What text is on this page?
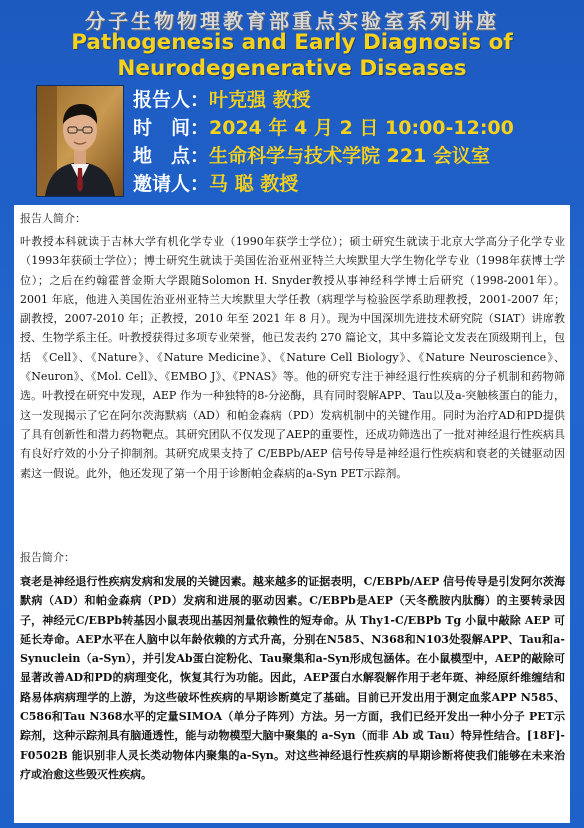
分子生物物理教育部重点实验室系列讲座
Pathogenesis and Early Diagnosis of
Neurodegenerative Diseases
报告人：叶克强 教授
时　间：2024 年 4 月 2 日 10:00-12:00
地　点：生命科学与技术学院 221 会议室
邀请人：马 聪 教授
报告人简介：

叶教授本科就读于吉林大学有机化学专业（1990年获学士学位）；硕士研究生就读于北京大学高分子化学专业（1993年获硕士学位）；博士研究生就读于美国佐治亚州亚特兰大埃默里大学生物化学专业（1998年获博士学位）；之后在约翰霍普金斯大学跟随Solomon H. Snyder教授从事神经科学博士后研究（1998-2001年）。2001 年底，他进入美国佐治亚州亚特兰大埃默里大学任教（病理学与检验医学系助理教授，2001-2007 年；副教授，2007-2010 年；正教授，2010 年至 2021 年 8 月）。现为中国深圳先进技术研究院（SIAT）讲席教授、生物学系主任。叶教授获得过多项专业荣誉，他已发表约 270 篇论文，其中多篇论文发表在顶级期刊上，包括 《Cell》、《Nature》、《Nature Medicine》、《Nature Cell Biology》、《Nature Neuroscience》、《Neuron》、《Mol. Cell》、《EMBO J》、《PNAS》等。他的研究专注于神经退行性疾病的分子机制和药物筛选。叶教授在研究中发现，AEP 作为一种独特的8-分泌酶，具有同时裂解APP、Tau以及a-突触核蛋白的能力，这一发现揭示了它在阿尔茨海默病（AD）和帕金森病（PD）发病机制中的关键作用。同时为治疗AD和PD提供了具有创新性和潜力药物靶点。其研究团队不仅发现了AEP的重要性，还成功筛选出了一批对神经退行性疾病具有良好疗效的小分子抑制剂。其研究成果支持了 C/EBPb/AEP 信号传导是神经退行性疾病和衰老的关键驱动因素这一假说。此外，他还发现了第一个用于诊断帕金森病的a-Syn PET示踪剂。

报告简介：

衰老是神经退行性疾病发病和发展的关键因素。越来越多的证据表明，C/EBPb/AEP 信号传导是引发阿尔茨海默病（AD）和帕金森病（PD）发病和进展的驱动因素。C/EBPb是AEP（天冬酰胺内肽酶）的主要转录因子，神经元C/EBPb转基因小鼠表现出基因剂量依赖性的短寿命。从 Thy1-C/EBPb Tg 小鼠中敲除 AEP 可延长寿命。AEP水平在人脑中以年龄依赖的方式升高，分别在N585、N368和N103处裂解APP、Tau和a-Synuclein（a-Syn），并引发Ab蛋白淀粉化、Tau聚集和a-Syn形成包涵体。在小鼠模型中，AEP的敲除可显著改善AD和PD的病理变化，恢复其行为功能。因此，AEP蛋白水解裂解作用于老年斑、神经原纤维缠结和路易体病病理学的上游，为这些破坏性疾病的早期诊断奠定了基础。目前已开发出用于测定血浆APP N585、C586和Tau N368水平的定量SIMOA（单分子阵列）方法。另一方面，我们已经开发出一种小分子 PET示踪剂，这种示踪剂具有脑通透性，能与动物模型大脑中聚集的 a-Syn（而非 Ab 或 Tau）特异性结合。[18F]-F0502B 能识别非人灵长类动物体内聚集的a-Syn。对这些神经退行性疾病的早期诊断将使我们能够在未来治疗或治愈这些毁灭性疾病。
